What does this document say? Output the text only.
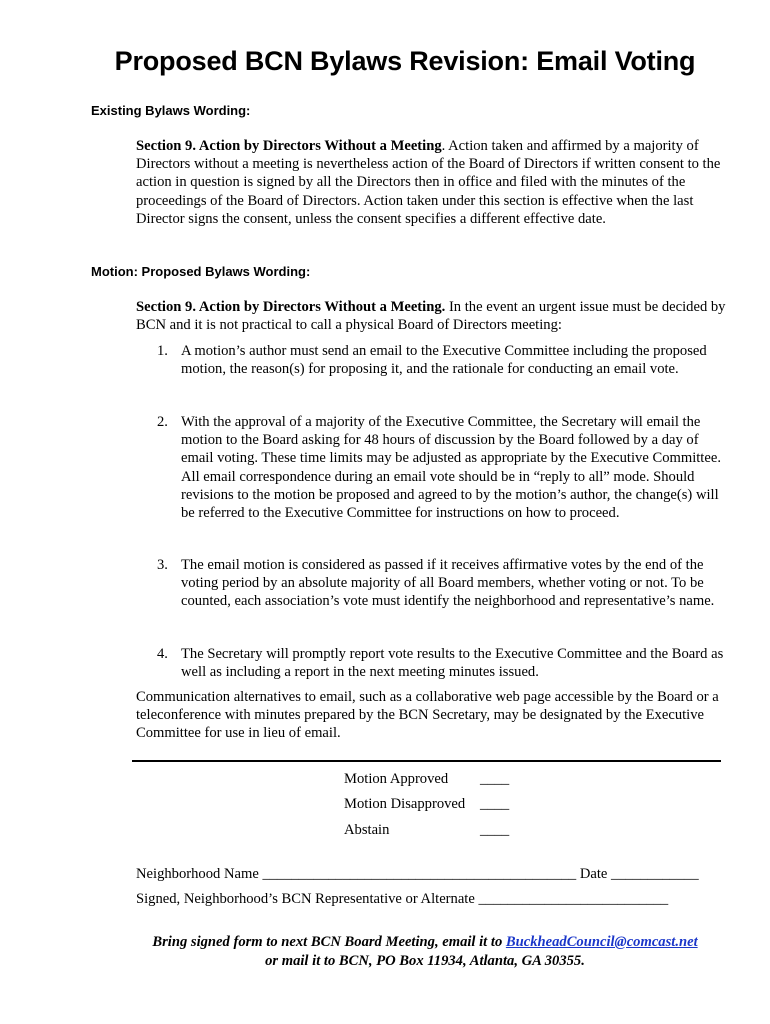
Proposed BCN Bylaws Revision: Email Voting
Existing Bylaws Wording:

Section 9. Action by Directors Without a Meeting. Action taken and affirmed by a majority of Directors without a meeting is nevertheless action of the Board of Directors if written consent to the action in question is signed by all the Directors then in office and filed with the minutes of the proceedings of the Board of Directors. Action taken under this section is effective when the last Director signs the consent, unless the consent specifies a different effective date.

Motion: Proposed Bylaws Wording:

Section 9. Action by Directors Without a Meeting. In the event an urgent issue must be decided by BCN and it is not practical to call a physical Board of Directors meeting:

1. A motion’s author must send an email to the Executive Committee including the proposed motion, the reason(s) for proposing it, and the rationale for conducting an email vote.
2. With the approval of a majority of the Executive Committee, the Secretary will email the motion to the Board asking for 48 hours of discussion by the Board followed by a day of email voting. These time limits may be adjusted as appropriate by the Executive Committee. All email correspondence during an email vote should be in “reply to all” mode. Should revisions to the motion be proposed and agreed to by the motion’s author, the change(s) will be referred to the Executive Committee for instructions on how to proceed.
3. The email motion is considered as passed if it receives affirmative votes by the end of the voting period by an absolute majority of all Board members, whether voting or not. To be counted, each association’s vote must identify the neighborhood and representative’s name.
4. The Secretary will promptly report vote results to the Executive Committee and the Board as well as including a report in the next meeting minutes issued.

Communication alternatives to email, such as a collaborative web page accessible by the Board or a teleconference with minutes prepared by the BCN Secretary, may be designated by the Executive Committee for use in lieu of email.

Motion Approved ____
Motion Disapproved ____
Abstain	____
Neighborhood Name ___________________________________________ Date ____________
Signed, Neighborhood’s BCN Representative or Alternate __________________________
Bring signed form to next BCN Board Meeting, email it to BuckheadCouncil@comcast.net
or mail it to BCN, PO Box 11934, Atlanta, GA 30355.
